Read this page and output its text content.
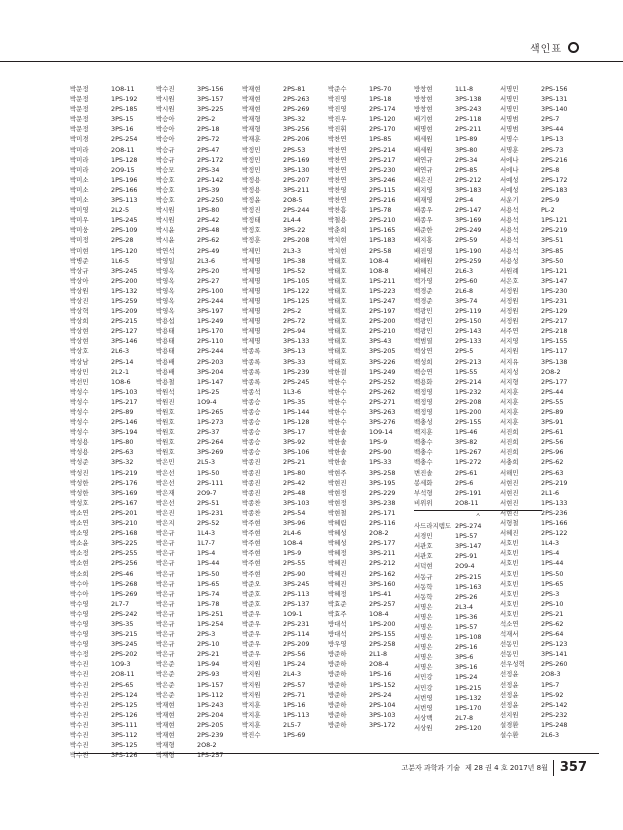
색인표
박문정	1O8-11
박문정	1PS-192
박문정	2PS-185
박문정	3PS-15
박문정	3PS-16
박미경	2PS-254
박미라	2O8-11
박미라	1PS-128
박미라	2O9-15
박미소	1PS-196
박미소	2PS-166
박미소	3PS-113
박미영	2L2-5
박미우	1PS-245
박미웅	2PS-109
박미정	2PS-28
박미현	1PS-120
박병준	1L6-5
박상규	3PS-245
박상아	2PS-200
박상원	1PS-132
박상진	1PS-259
박상혁	1PS-209
박상희	2PS-215
박상현	2PS-127
박상현	3PS-146
박상호	2L6-3
박상남	2PS-14
박상민	2L2-1
박선민	1O8-6
박성수	1PS-103
박성수	1PS-217
박성수	2PS-89
박성수	2PS-146
박성수	3PS-194
박성용	1PS-80
박성용	2PS-63
박성준	3PS-32
박성진	1PS-219
박성한	2PS-176
박성한	3PS-169
박성호	2PS-167
박소연	2PS-201
박소연	3PS-210
박소영	2PS-168
박소윤	3PS-225
박소정	2PS-255
박소현	2PS-256
박소희	2PS-46
박수아	1PS-268
박수아	1PS-269
박수영	2L7-7
박수영	2PS-242
박수영	3PS-35
박수영	3PS-215
박수영	3PS-245
박수정	2PS-202
박수진	1O9-3
박수진	2O8-11
박수진	2PS-65
박수진	2PS-124
박수진	2PS-125
박수진	2PS-126
박수진	3PS-111
박수진	3PS-112
박수진	3PS-125
박수진	3PS-126
박수진	3PS-156
박시원	3PS-157
박시원	3PS-225
박승아	2PS-2
박승아	2PS-18
박승아	2PS-72
박승규	2PS-47
박승규	2PS-172
박승모	2PS-34
박승호	2PS-142
박승호	1PS-39
박승호	2PS-250
박시원	1PS-80
박시원	2PS-42
박시윤	2PS-48
박시윤	2PS-62
박연석	2PS-49
박영일	2L3-6
박영옥	2PS-20
박영옥	2PS-27
박영옥	2PS-100
박영옥	2PS-244
박영옥	3PS-197
박용섭	1PS-249
박용태	1PS-170
박용태	2PS-110
박용태	2PS-244
박용배	2PS-203
박용배	3PS-204
박용철	1PS-147
박원석	1PS-25
박원진	1O9-4
박원호	1PS-265
박원호	1PS-273
박원호	2PS-37
박원호	2PS-264
박원호	3PS-269
박은민	2L5-3
박은선	1PS-50
박은선	2PS-111
박은재	2O9-7
박은선	2PS-51
박은진	1PS-231
박은지	2PS-52
박은규	1L4-3
박은규	1L7-7
박은규	1PS-4
박은규	1PS-44
박은규	1PS-50
박은규	1PS-65
박은규	1PS-74
박은규	1PS-78
박은규	1PS-251
박은규	1PS-254
박은규	2PS-3
박은규	2PS-10
박은규	2PS-21
박은준	1PS-94
박은준	2PS-93
박은준	1PS-157
박은준	1PS-112
박재현	1PS-243
박재현	2PS-204
박재현	2PS-205
박재현	2PS-239
박재형	2O8-2
박재형	1PS-257
박재현	2PS-81
박재현	2PS-263
박재현	2PS-269
박재형	3PS-32
박재형	3PS-256
박재훈	2PS-206
박정민	2PS-53
박정민	2PS-169
박정민	3PS-130
박정용	2PS-207
박정용	3PS-211
박정윤	2O8-5
박정진	2PS-244
박정태	2L4-4
박정호	3PS-22
박정훈	2PS-208
박제민	2L3-3
박제명	1PS-38
박제명	1PS-52
박제명	1PS-105
박제명	1PS-122
박제명	1PS-125
박제명	2PS-2
박제명	2PS-72
박제명	2PS-94
박제명	3PS-133
박종록	3PS-13
박종록	3PS-33
박종록	1PS-239
박종록	2PS-245
박종석	1L3-6
박종승	1PS-35
박종승	1PS-144
박종승	1PS-128
박종승	3PS-17
박종승	3PS-92
박종승	3PS-106
박종진	2PS-21
박종진	1PS-80
박종진	2PS-42
박종진	2PS-48
박종찬	3PS-103
박종찬	2PS-54
박주현	3PS-96
박주현	2L4-6
박주현	1O8-4
박주현	1PS-9
박주현	2PS-55
박주현	2PS-90
박준오	3PS-245
박준호	2PS-113
박준호	2PS-137
박준우	1O9-1
박준우	2PS-231
박준우	2PS-114
박준우	2PS-209
박준우	2PS-56
박지원	1PS-24
박지원	2L4-3
박지원	2PS-57
박지원	2PS-71
박지훈	1PS-16
박지훈	1PS-113
박지훈	2L5-7
박진수	1PS-69
박준수	1PS-70
박진영	1PS-18
박진영	2PS-174
박진우	1PS-120
박진휘	2PS-170
박찬연	1PS-85
박찬연	2PS-214
박찬연	2PS-217
박찬연	2PS-230
박찬연	3PS-246
박찬영	2PS-115
박찬연	2PS-216
박찬흠	1PS-78
박철용	2PS-210
박춘희	1PS-165
박치현	1PS-183
박치현	2PS-58
박태호	1O8-4
박태호	1O8-8
박태호	1PS-211
박태호	1PS-223
박태호	1PS-247
박태호	2PS-197
박태호	2PS-200
박태호	2PS-210
박태호	3PS-43
박태호	3PS-205
박태호	3PS-226
박한결	1PS-249
박한수	2PS-252
박한수	2PS-262
박한수	2PS-271
박한수	3PS-263
박한수	3PS-276
박한솔	1O9-14
박한솔	1PS-9
박한솔	2PS-90
박한솔	1PS-33
박현주	3PS-258
박현진	3PS-195
박현정	2PS-229
박현정	3PS-238
박현철	2PS-171
박혜림	2PS-116
박혜성	2O8-2
박혜성	2PS-177
박혜정	3PS-211
박혜진	2PS-212
박혜진	2PS-162
박혜진	3PS-160
박혜정	1PS-41
박효준	2PS-257
박효주	1O8-4
방대석	1PS-200
방대석	2PS-155
방우영	2PS-258
방준하	2L1-8
방준하	2O8-4
방준하	1PS-16
방준하	1PS-152
방준하	2PS-24
방준하	2PS-104
방준하	3PS-103
방준하	3PS-172
방창현	1L1-8
방창현	3PS-138
방창현	3PS-243
배기현	2PS-118
배명현	2PS-211
배세원	1PS-89
배세원	3PS-80
배연규	2PS-34
배연규	2PS-85
배은진	2PS-212
배지영	3PS-183
배재영	2PS-4
배종우	2PS-147
배종우	3PS-169
배준한	2PS-249
배지홍	2PS-59
배진영	1PS-190
배해원	2PS-259
배혜진	2L6-3
백가영	2PS-60
백경준	2L6-8
백경준	3PS-74
백광민	2PS-119
백광민	2PS-150
백광민	2PS-143
백범열	2PS-133
백상연	2PS-5
백성희	2PS-213
백승연	1PS-55
백용화	2PS-214
백정영	1PS-232
백정영	2PS-208
백정영	1PS-200
백충성	2PS-155
백지훈	1PS-46
백충수	3PS-82
백충수	1PS-267
백충수	1PS-272
변진솔	2PS-61
봉세화	2PS-6
부석형	2PS-191
비위위	2O8-11
ㅅ
사드라지템도 2PS-274
서경민	1PS-57
서관호	3PS-147
서관호	2PS-91
서덕현	2O9-4
서동규	2PS-215
서동학	1PS-163
서동학	2PS-26
서명은	2L3-4
서명은	1PS-36
서명은	1PS-57
서명은	1PS-108
서명은	2PS-16
서명은	3PS-6
서명은	3PS-16
서민강	1PS-24
서민강	1PS-215
서번영	1PS-132
서번영	1PS-170
서상백	2L7-8
서상원	2PS-120
서명민	2PS-156
서명민	3PS-131
서명민	3PS-140
서명범	2PS-7
서명범	3PS-44
서명수	1PS-13
서명훈	2PS-73
서에나	2PS-216
서에나	2PS-8
서예성	2PS-172
서예성	2PS-183
서운기	2PS-9
서용석	PL-2
서용석	1PS-121
서용석	2PS-219
서용석	3PS-51
서용석	3PS-85
서용성	3PS-50
서원례	1PS-121
서은호	3PS-147
서정원	1PS-230
서정원	1PS-231
서정원	2PS-129
서정원	2PS-217
서주연	2PS-218
서지영	1PS-155
서지원	1PS-117
서지유	3PS-138
서지성	2O8-2
서지형	2PS-177
서지훈	2PS-44
서지훈	2PS-55
서지훈	2PS-89
서지훈	3PS-91
서진희	2PS-61
서진희	2PS-56
서진희	2PS-96
서충희	2PS-62
서해민	2PS-63
서현진	2PS-219
서현진	2L1-6
서현진	1PS-133
서현진	2PS-236
서형철	1PS-166
서혜진	2PS-122
서호빈	1L4-3
서호빈	1PS-4
서호빈	1PS-44
서호빈	1PS-50
서호빈	1PS-65
서호빈	2PS-3
서호빈	2PS-10
서호빈	2PS-21
석소연	2PS-62
석재서	2PS-64
선동민	2PS-123
선동민	3PS-141
선우성혁	2PS-260
선정윤	2O8-3
선정윤	1PS-7
선정윤	1PS-92
선정윤	2PS-142
선지원	2PS-232
설경환	1PS-248
설수환	2L6-3
고분자 과학과 기술 제 28 권 4 호 2017년 8월 357
